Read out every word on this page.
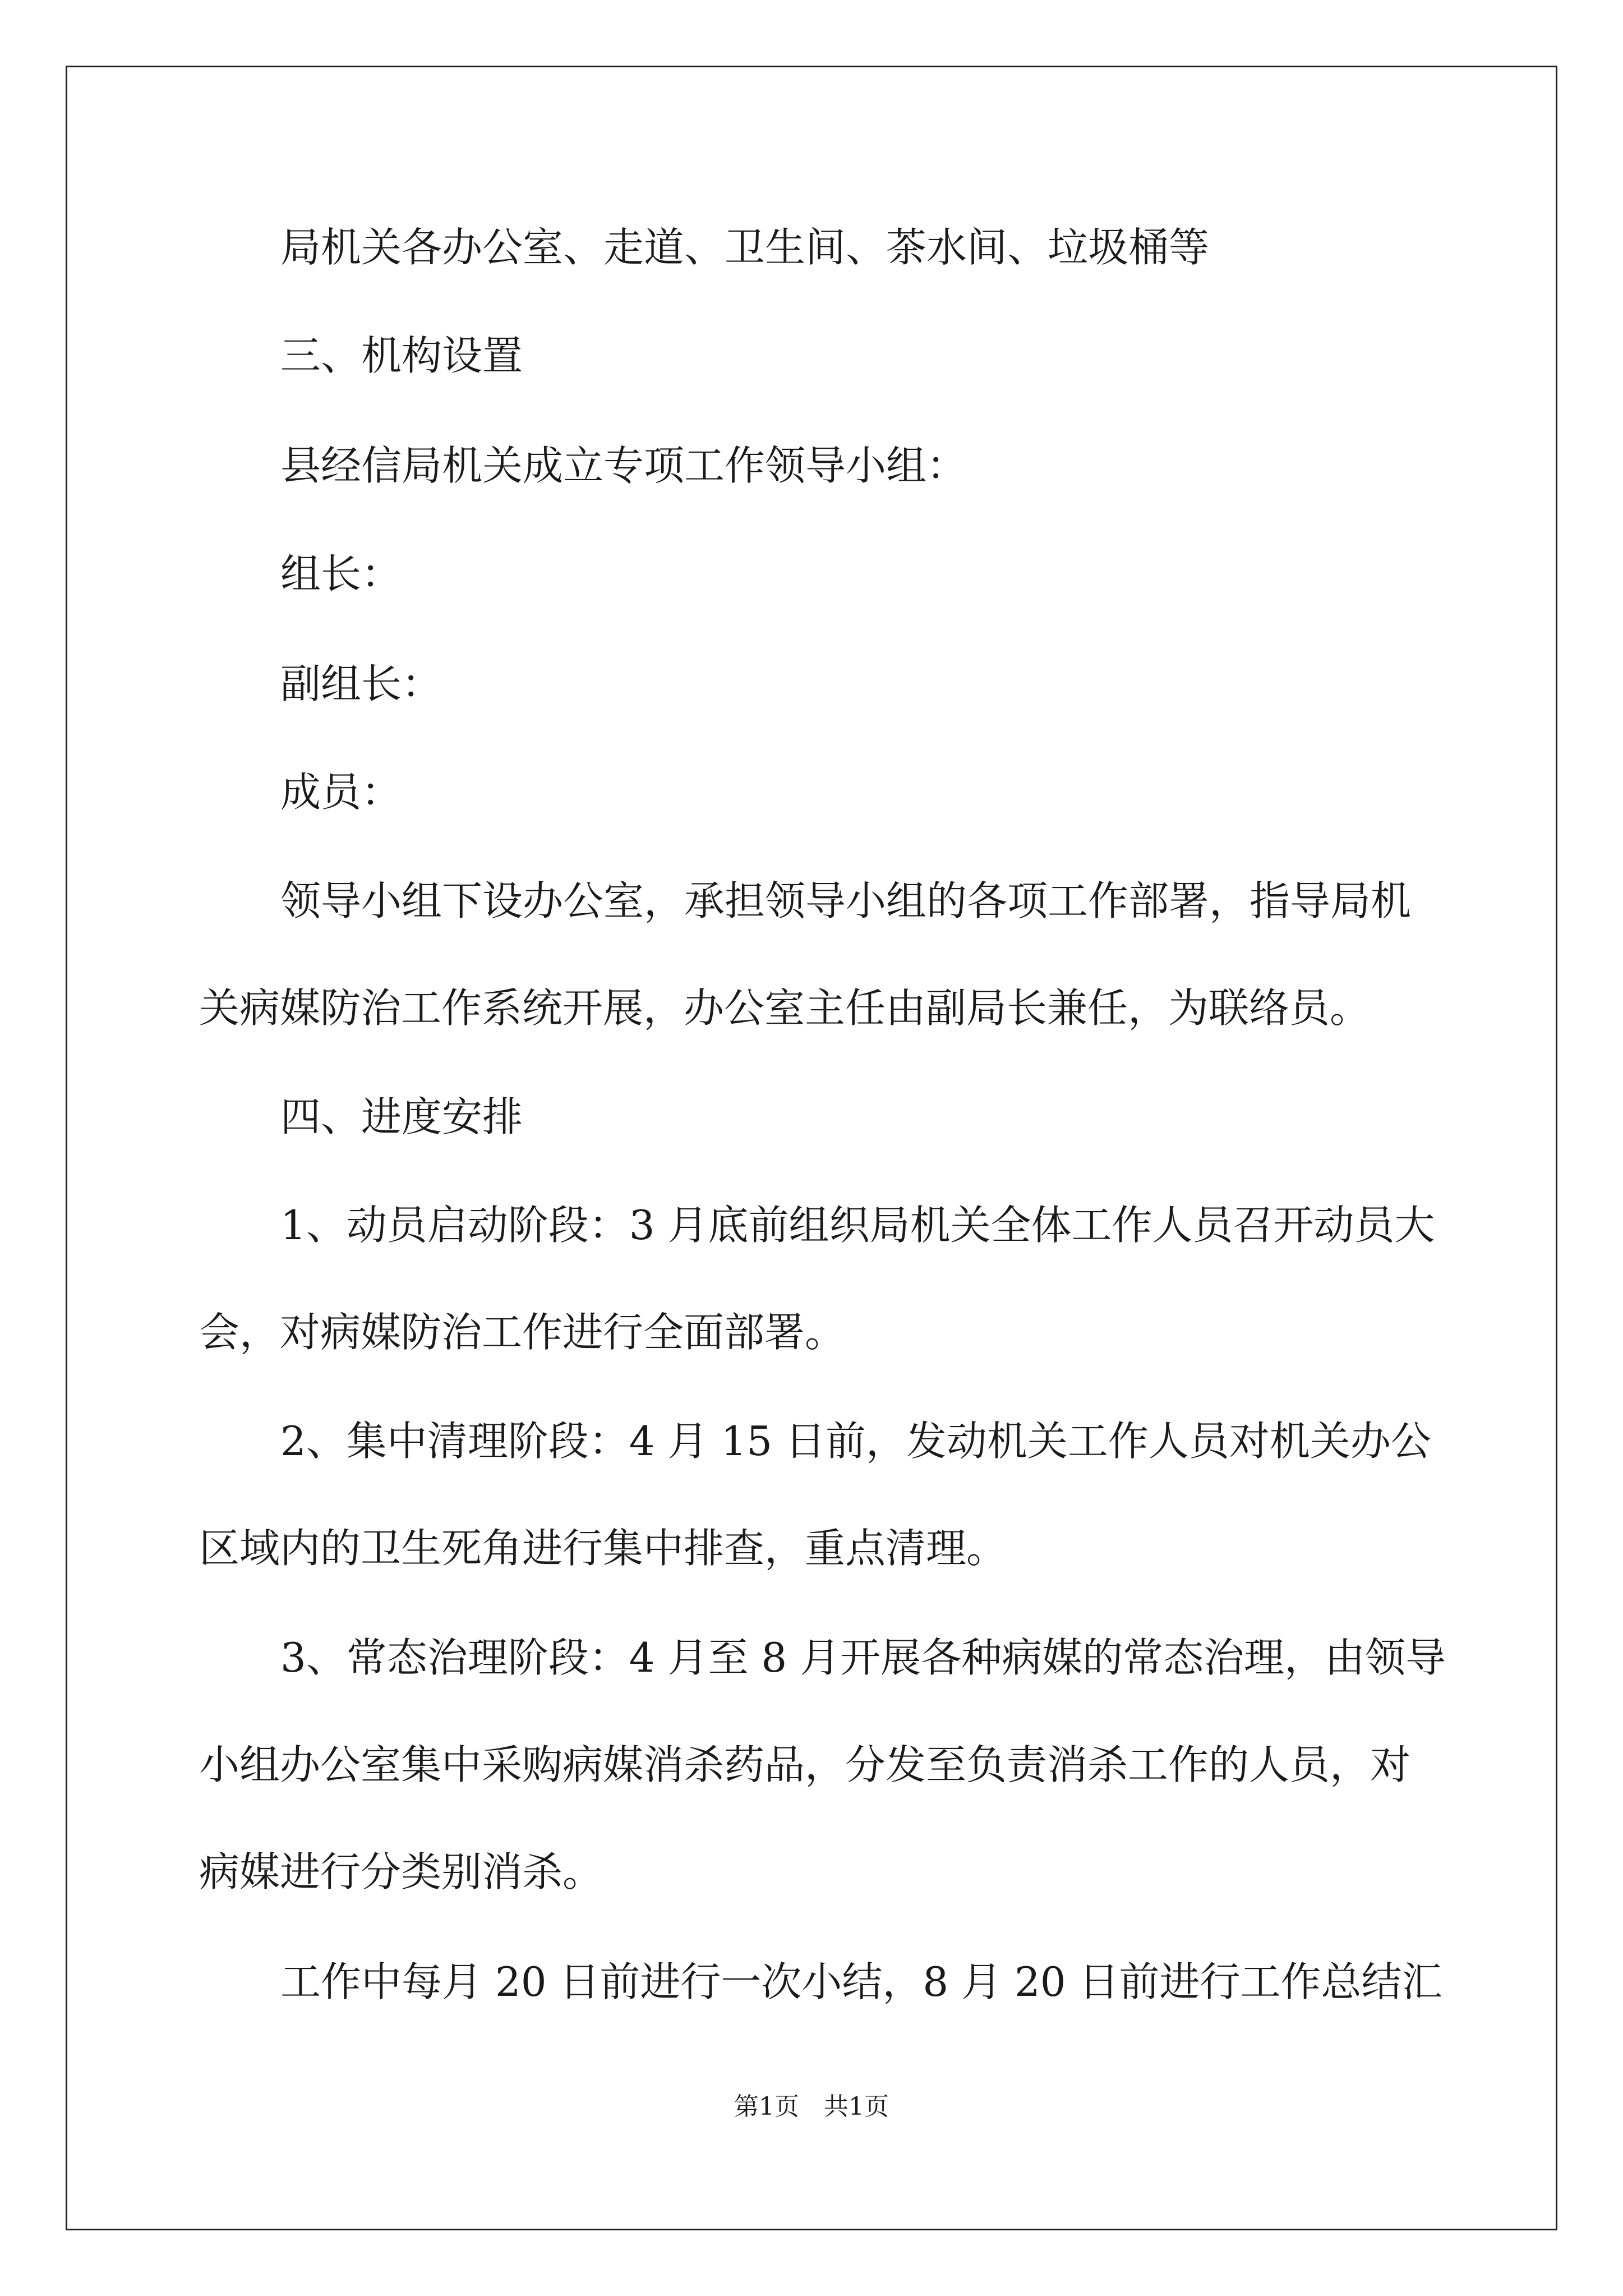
局机关各办公室、走道、卫生间、茶水间、垃圾桶等

三、机构设置

县经信局机关成立专项工作领导小组：

组长：

副组长：

成员：

领导小组下设办公室，承担领导小组的各项工作部署，指导局机
关病媒防治工作系统开展，办公室主任由副局长兼任，为联络员。

四、进度安排

1、动员启动阶段：3 月底前组织局机关全体工作人员召开动员大
会，对病媒防治工作进行全面部署。

2、集中清理阶段：4 月 15 日前，发动机关工作人员对机关办公
区域内的卫生死角进行集中排查，重点清理。

3、常态治理阶段：4 月至 8 月开展各种病媒的常态治理，由领导
小组办公室集中采购病媒消杀药品，分发至负责消杀工作的人员，对
病媒进行分类别消杀。

工作中每月 20 日前进行一次小结，8 月 20 日前进行工作总结汇

第1页　共1页
